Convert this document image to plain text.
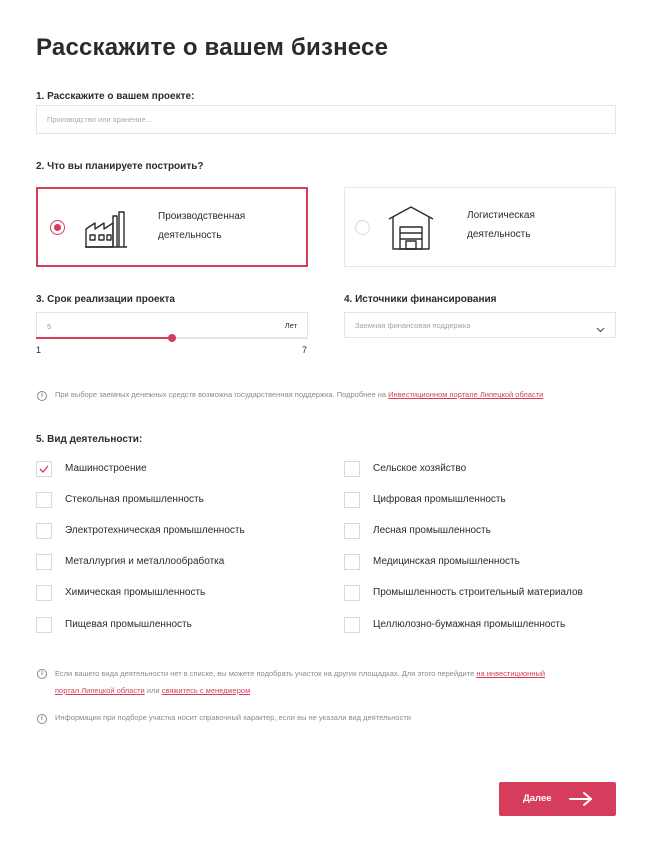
Расскажите о вашем бизнесе
1. Расскажите о вашем проекте:
Производство или хранение...
2. Что вы планируете построить?
Производственная
деятельность
Логистическая
деятельность
3. Срок реализации проекта
5	Лет
1	7
4. Источники финансирования
Заемная финансовая поддержка
i	При выборе заемных денежных средств возможна государственная поддержка. Подробнее на Инвестиционном портале Липецкой области
5. Вид деятельности:
Машиностроение
Стекольная промышленность
Электротехническая промышленность
Металлургия и металлообработка
Химическая промышленность
Пищевая промышленность
Сельское хозяйство
Цифровая промышленность
Лесная промышленность
Медицинская промышленность
Промышленность строительный материалов
Целлюлозно-бумажная промышленность
i	Если вашего вида деятельности нет в списке, вы можете подобрать участок на других площадках. Для этого перейдите на инвестиционный
портал Липецкой области или свяжитесь с менеджером
i	Информация при подборе участка носит справочный характер, если вы не указали вид деятельности
Далее
